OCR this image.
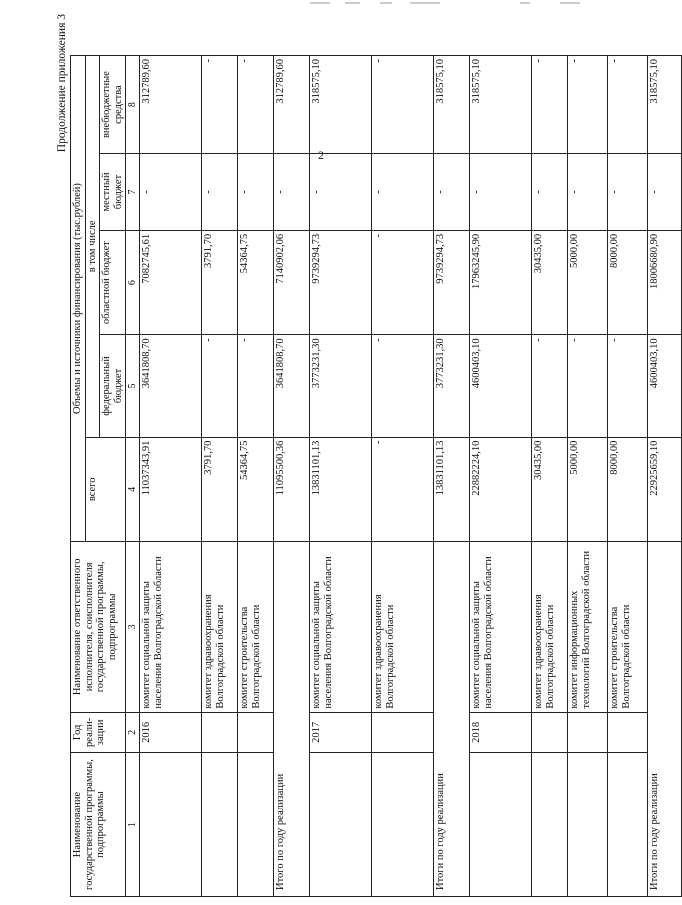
2
Продолжение приложения 3
Наименование государственной программы, подпрограммы	Год реали-зации	Наименование ответственного исполнителя, соисполнителя государственной программы, подпрограммы	Объемы и источники финансирования (тыс.рублей)				
			всего	в том числе			
				федеральный бюджет	областной бюджет	местный бюджет	внебюджетные средства
1	2	3	4	5	6	7	8
	2016	комитет социальной защиты населения Волгоградской области	11037343,91	3641808,70	7082745,61	-	312789,60
		комитет здравоохранения Волгоградской области	3791,70	-	3791,70	-	-
		комитет строительства Волгоградской области	54364,75	-	54364,75	-	-
Итого по году реализации			11095500,36	3641808,70	7140902,06	-	312789,60
	2017	комитет социальной защиты населения Волгоградской области	13831101,13	3773231,30	9739294,73	-	318575,10
		комитет здравоохранения Волгоградской области	-	-	-	-	-
Итоги по году реализации			13831101,13	3773231,30	9739294,73	-	318575,10
	2018	комитет социальной защиты населения Волгоградской области	22882224,10	4600403,10	17963245,90	-	318575,10
		комитет здравоохранения Волгоградской области	30435,00	-	30435,00	-	-
		комитет информационных технологий Волгоградской области	5000,00	-	5000,00	-	-
		комитет строительства Волгоградской области	8000,00	-	8000,00	-	-
Итоги по году реализации			22925659,10	4600403,10	18006680,90	-	318575,10
